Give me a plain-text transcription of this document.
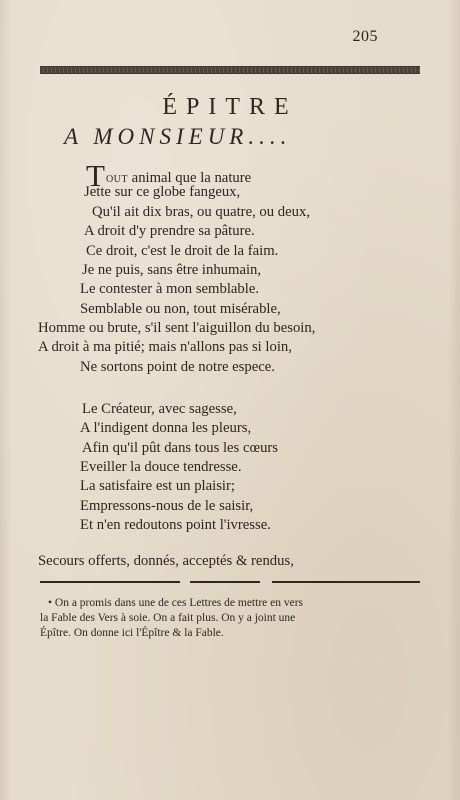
205
ÉPITRE
A MONSIEUR....
Tout animal que la nature
Jette sur ce globe fangeux,
Qu'il ait dix bras, ou quatre, ou deux,
A droit d'y prendre sa pâture.
Ce droit, c'est le droit de la faim.
Je ne puis, sans être inhumain,
Le contester à mon semblable.
Semblable ou non, tout misérable,
Homme ou brute, s'il sent l'aiguillon du besoin,
A droit à ma pitié; mais n'allons pas si loin,
Ne sortons point de notre espece.
Le Créateur, avec sagesse,
A l'indigent donna les pleurs,
Afin qu'il pût dans tous les cœurs
Eveiller la douce tendresse.
La satisfaire est un plaisir;
Empressons-nous de le saisir,
Et n'en redoutons point l'ivresse.
Secours offerts, donnés, acceptés & rendus,
• On a promis dans une de ces Lettres de mettre en vers
la Fable des Vers à soie. On a fait plus. On y a joint une
Épître. On donne ici l'Épître & la Fable.
